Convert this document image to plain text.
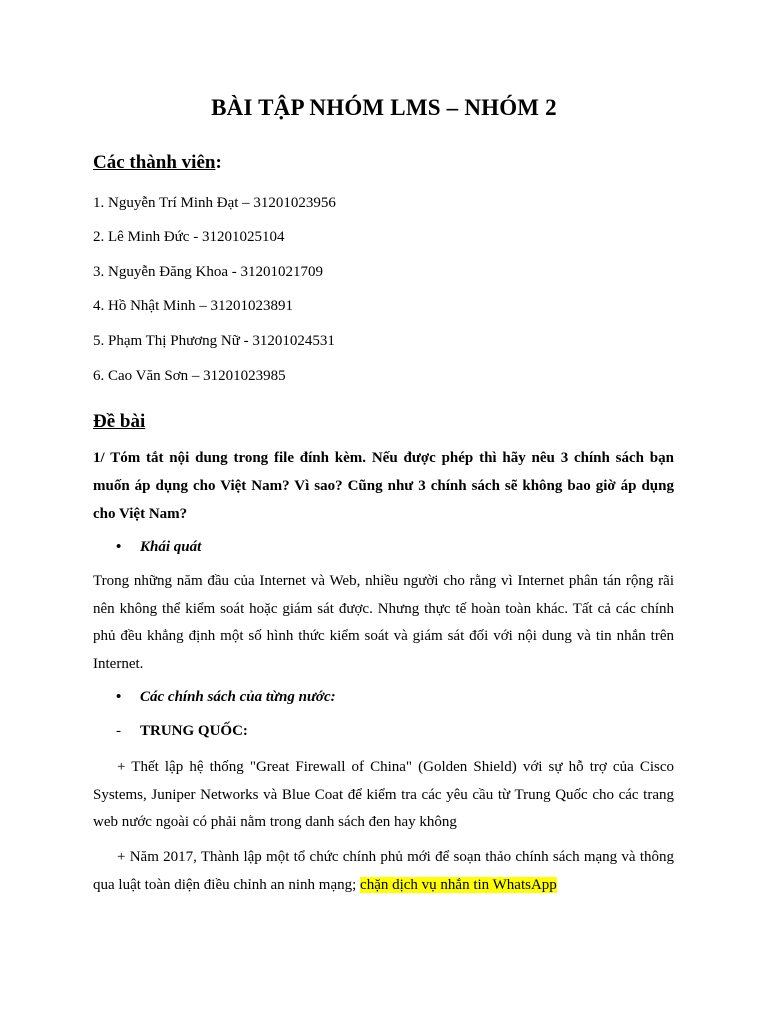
BÀI TẬP NHÓM LMS – NHÓM 2
Các thành viên:
1. Nguyễn Trí Minh Đạt – 31201023956
2. Lê Minh Đức - 31201025104
3. Nguyễn Đăng Khoa - 31201021709
4. Hồ Nhật Minh – 31201023891
5. Phạm Thị Phương Nữ - 31201024531
6. Cao Văn Sơn – 31201023985
Đề bài
1/ Tóm tắt nội dung trong file đính kèm. Nếu được phép thì hãy nêu 3 chính sách bạn muốn áp dụng cho Việt Nam? Vì sao? Cũng như 3 chính sách sẽ không bao giờ áp dụng cho Việt Nam?
• Khái quát
Trong những năm đầu của Internet và Web, nhiều người cho rằng vì Internet phân tán rộng rãi nên không thể kiểm soát hoặc giám sát được. Nhưng thực tế hoàn toàn khác. Tất cả các chính phủ đều khẳng định một số hình thức kiểm soát và giám sát đối với nội dung và tin nhắn trên Internet.
• Các chính sách của từng nước:
- TRUNG QUỐC:
+ Thết lập hệ thống "Great Firewall of China" (Golden Shield) với sự hỗ trợ của Cisco Systems, Juniper Networks và Blue Coat để kiểm tra các yêu cầu từ Trung Quốc cho các trang web nước ngoài có phải nằm trong danh sách đen hay không
+ Năm 2017, Thành lập một tổ chức chính phủ mới để soạn thảo chính sách mạng và thông qua luật toàn diện điều chỉnh an ninh mạng; chặn dịch vụ nhắn tin WhatsApp
